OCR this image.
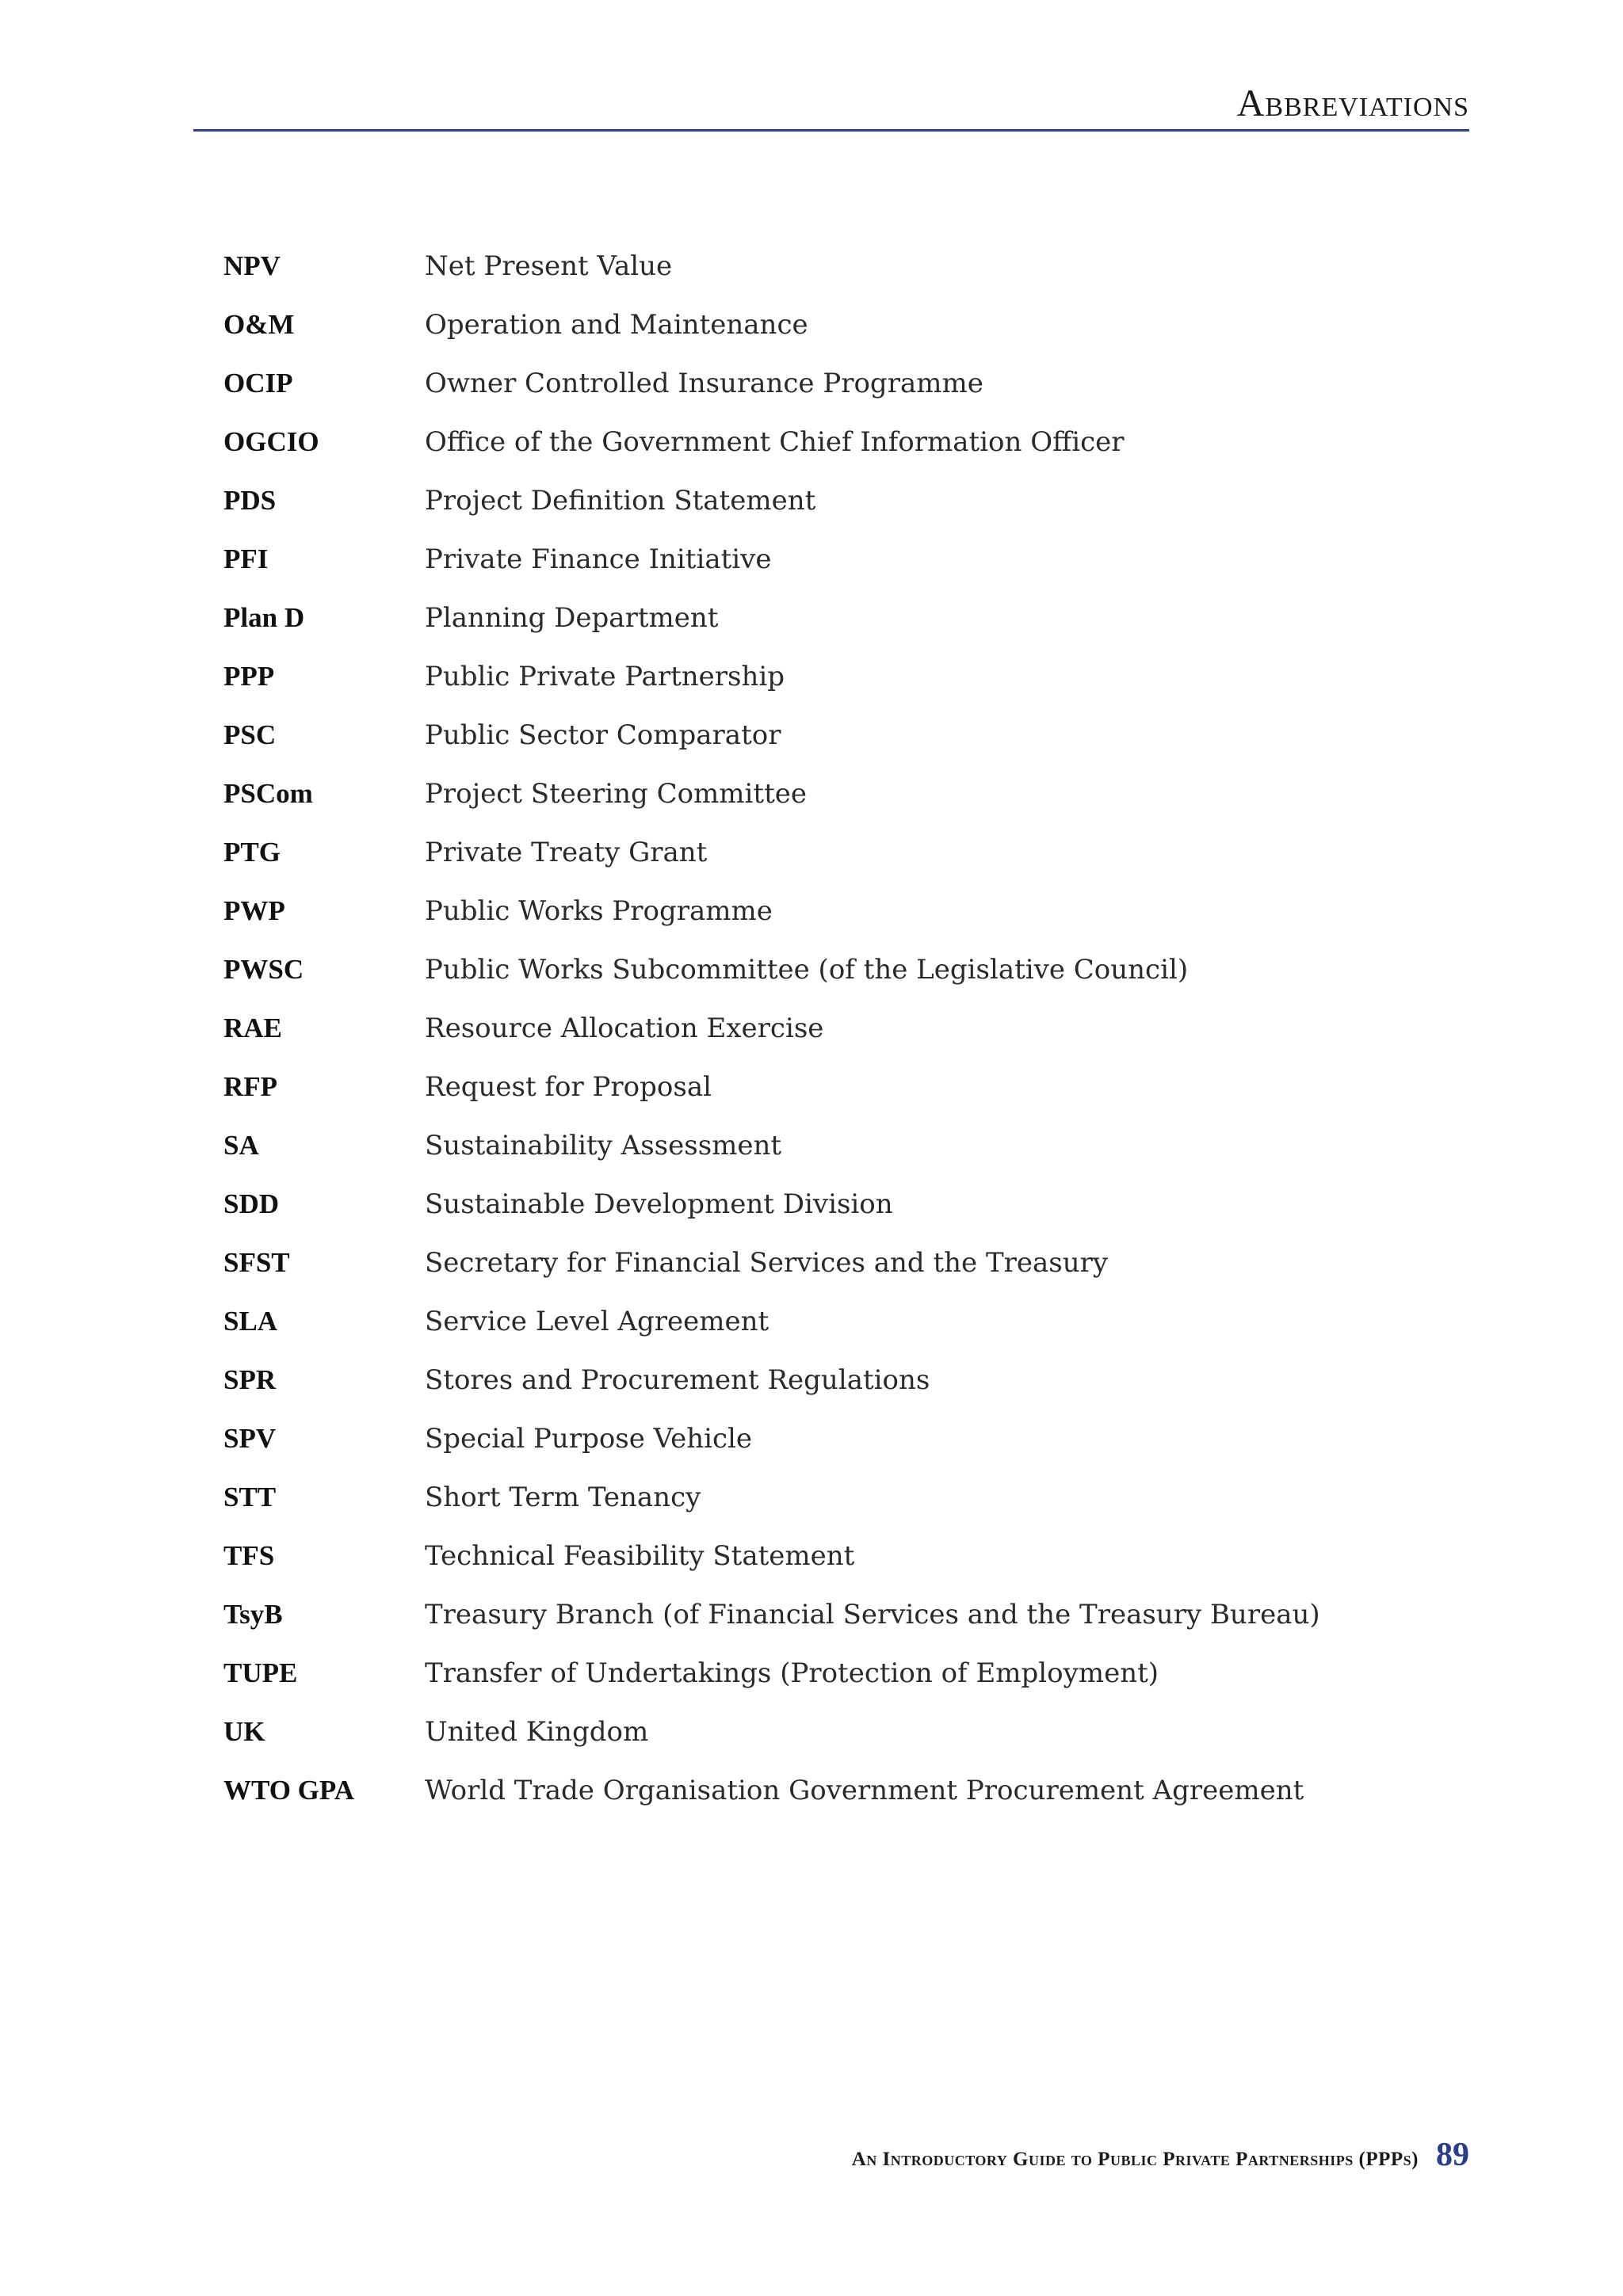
Abbreviations
NPV	Net Present Value
O&M	Operation and Maintenance
OCIP	Owner Controlled Insurance Programme
OGCIO	Office of the Government Chief Information Officer
PDS	Project Definition Statement
PFI	Private Finance Initiative
Plan D	Planning Department
PPP	Public Private Partnership
PSC	Public Sector Comparator
PSCom	Project Steering Committee
PTG	Private Treaty Grant
PWP	Public Works Programme
PWSC	Public Works Subcommittee (of the Legislative Council)
RAE	Resource Allocation Exercise
RFP	Request for Proposal
SA	Sustainability Assessment
SDD	Sustainable Development Division
SFST	Secretary for Financial Services and the Treasury
SLA	Service Level Agreement
SPR	Stores and Procurement Regulations
SPV	Special Purpose Vehicle
STT	Short Term Tenancy
TFS	Technical Feasibility Statement
TsyB	Treasury Branch (of Financial Services and the Treasury Bureau)
TUPE	Transfer of Undertakings (Protection of Employment)
UK	United Kingdom
WTO GPA	World Trade Organisation Government Procurement Agreement
An Introductory Guide to Public Private Partnerships (PPPs) 89
